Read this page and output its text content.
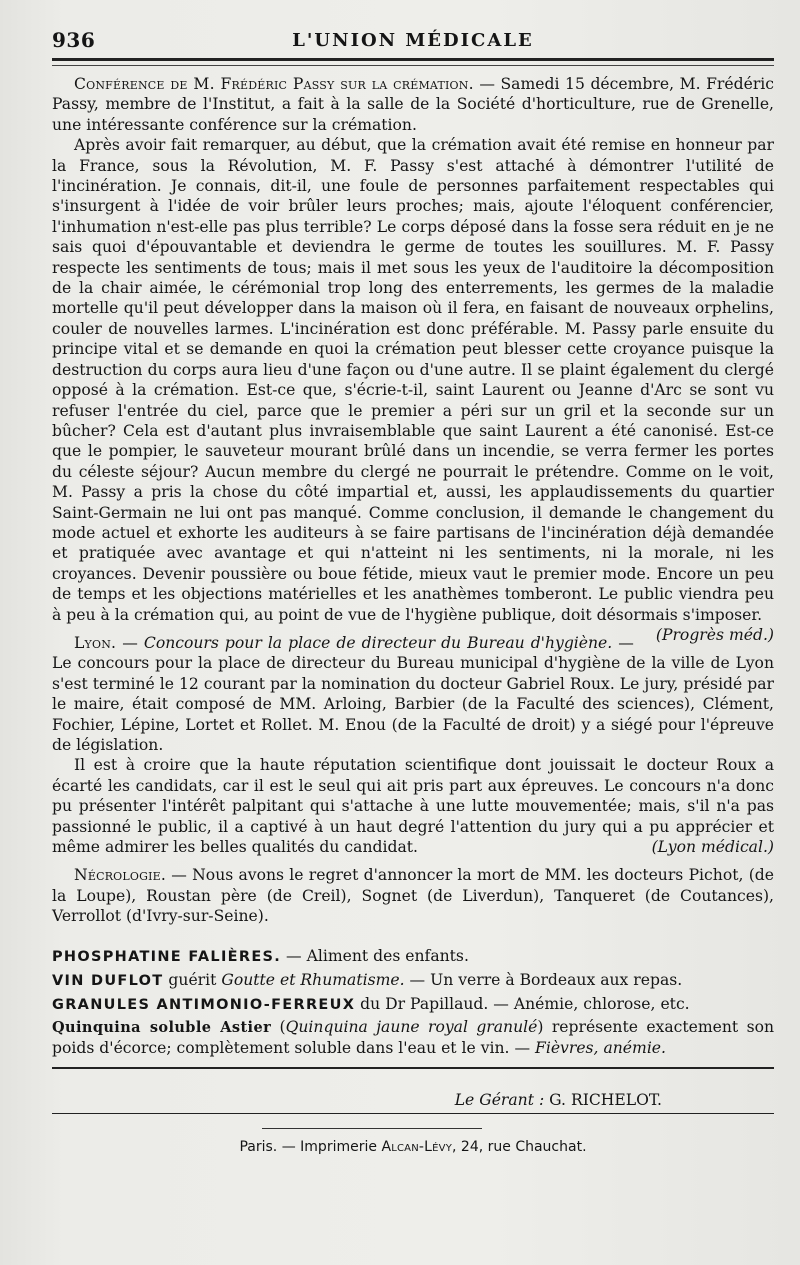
936	L'UNION MÉDICALE

Conférence de M. Frédéric Passy sur la crémation. — Samedi 15 décembre, M. Frédéric Passy, membre de l'Institut, a fait à la salle de la Société d'horticulture, rue de Grenelle, une intéressante conférence sur la crémation.

Après avoir fait remarquer, au début, que la crémation avait été remise en honneur par la France, sous la Révolution, M. F. Passy s'est attaché à démontrer l'utilité de l'incinération. Je connais, dit-il, une foule de personnes parfaitement respectables qui s'insurgent à l'idée de voir brûler leurs proches; mais, ajoute l'éloquent conférencier, l'inhumation n'est-elle pas plus terrible? Le corps déposé dans la fosse sera réduit en je ne sais quoi d'épouvantable et deviendra le germe de toutes les souillures. M. F. Passy respecte les sentiments de tous; mais il met sous les yeux de l'auditoire la décomposition de la chair aimée, le cérémonial trop long des enterrements, les germes de la maladie mortelle qu'il peut développer dans la maison où il fera, en faisant de nouveaux orphelins, couler de nouvelles larmes. L'incinération est donc préférable. M. Passy parle ensuite du principe vital et se demande en quoi la crémation peut blesser cette croyance puisque la destruction du corps aura lieu d'une façon ou d'une autre. Il se plaint également du clergé opposé à la crémation. Est-ce que, s'écrie-t-il, saint Laurent ou Jeanne d'Arc se sont vu refuser l'entrée du ciel, parce que le premier a péri sur un gril et la seconde sur un bûcher? Cela est d'autant plus invraisemblable que saint Laurent a été canonisé. Est-ce que le pompier, le sauveteur mourant brûlé dans un incendie, se verra fermer les portes du céleste séjour? Aucun membre du clergé ne pourrait le prétendre. Comme on le voit, M. Passy a pris la chose du côté impartial et, aussi, les applaudissements du quartier Saint-Germain ne lui ont pas manqué. Comme conclusion, il demande le changement du mode actuel et exhorte les auditeurs à se faire partisans de l'incinération déjà demandée et pratiquée avec avantage et qui n'atteint ni les sentiments, ni la morale, ni les croyances. Devenir poussière ou boue fétide, mieux vaut le premier mode. Encore un peu de temps et les objections matérielles et les anathèmes tomberont. Le public viendra peu à peu à la crémation qui, au point de vue de l'hygiène publique, doit désormais s'imposer.
(Progrès méd.)

Lyon. — Concours pour la place de directeur du Bureau d'hygiène. — Le concours pour la place de directeur du Bureau municipal d'hygiène de la ville de Lyon s'est terminé le 12 courant par la nomination du docteur Gabriel Roux. Le jury, présidé par le maire, était composé de MM. Arloing, Barbier (de la Faculté des sciences), Clément, Fochier, Lépine, Lortet et Rollet. M. Enou (de la Faculté de droit) y a siégé pour l'épreuve de législation.

Il est à croire que la haute réputation scientifique dont jouissait le docteur Roux a écarté les candidats, car il est le seul qui ait pris part aux épreuves. Le concours n'a donc pu présenter l'intérêt palpitant qui s'attache à une lutte mouvementée; mais, s'il n'a pas passionné le public, il a captivé à un haut degré l'attention du jury qui a pu apprécier et même admirer les belles qualités du candidat.	(Lyon médical.)

Nécrologie. — Nous avons le regret d'annoncer la mort de MM. les docteurs Pichot, (de la Loupe), Roustan père (de Creil), Sognet (de Liverdun), Tanqueret (de Coutances), Verrollot (d'Ivry-sur-Seine).

PHOSPHATINE FALIÈRES. — Aliment des enfants.

VIN DUFLOT guérit Goutte et Rhumatisme. — Un verre à Bordeaux aux repas.

GRANULES ANTIMONIO-FERREUX du Dr Papillaud. — Anémie, chlorose, etc.

Quinquina soluble Astier (Quinquina jaune royal granulé) représente exactement son poids d'écorce; complètement soluble dans l'eau et le vin. — Fièvres, anémie.

Le Gérant : G. RICHELOT.
Paris. — Imprimerie Alcan-Lévy, 24, rue Chauchat.
